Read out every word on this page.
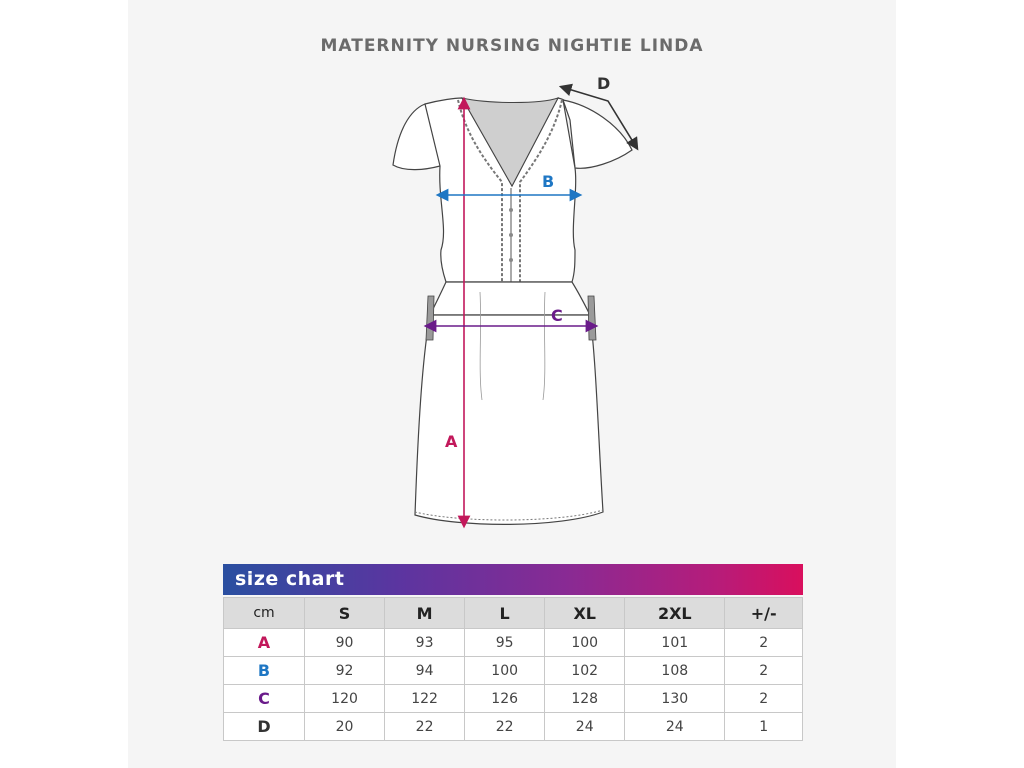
MATERNITY NURSING NIGHTIE LINDA
A
B
C
D
size chart
cm	S	M	L	XL	2XL	+/-
A	90	93	95	100	101	2
B	92	94	100	102	108	2
C	120	122	126	128	130	2
D	20	22	22	24	24	1
